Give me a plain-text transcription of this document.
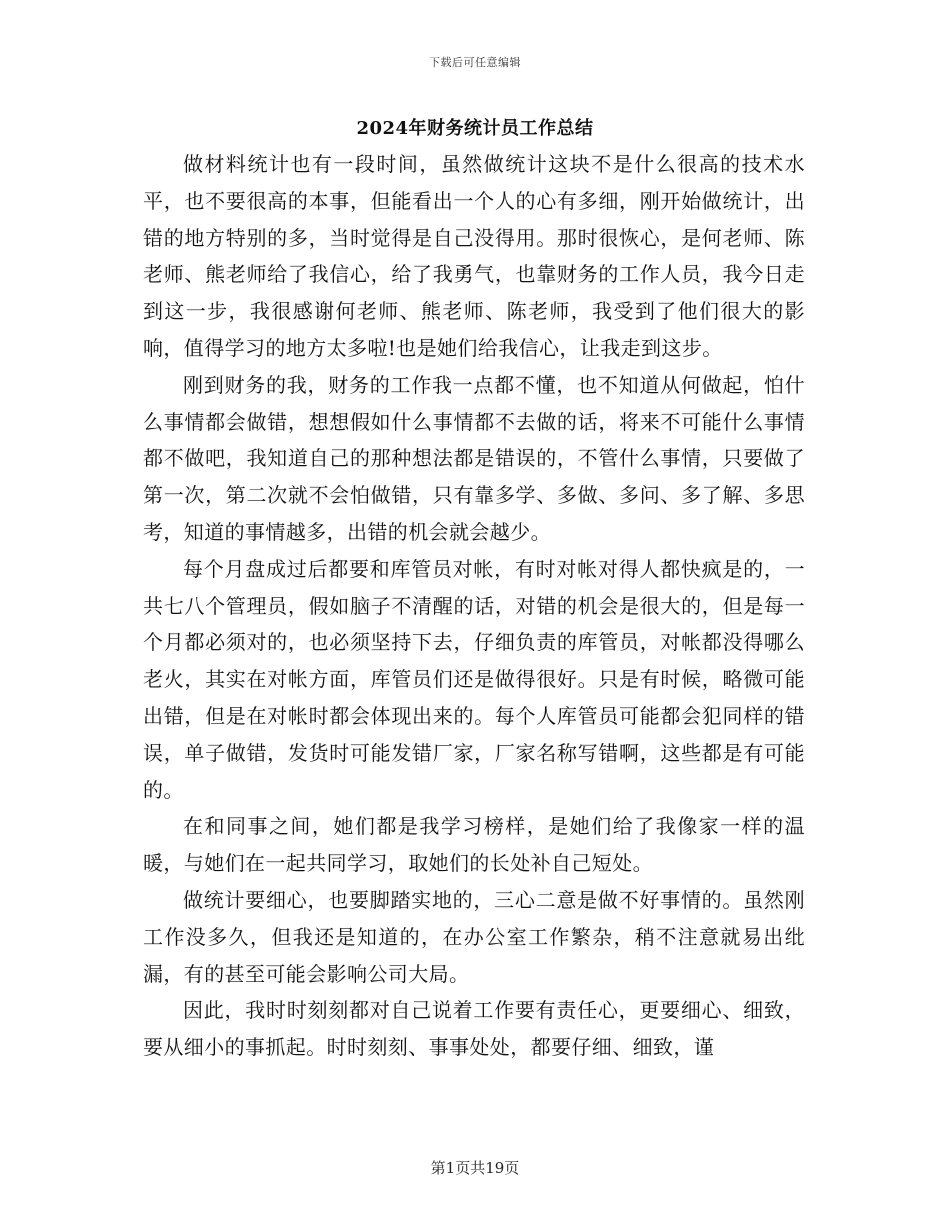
下载后可任意编辑
2024年财务统计员工作总结

做材料统计也有一段时间，虽然做统计这块不是什么很高的技术水平，也不要很高的本事，但能看出一个人的心有多细，刚开始做统计，出错的地方特别的多，当时觉得是自己没得用。那时很恢心，是何老师、陈老师、熊老师给了我信心，给了我勇气，也靠财务的工作人员，我今日走到这一步，我很感谢何老师、熊老师、陈老师，我受到了他们很大的影响，值得学习的地方太多啦!也是她们给我信心，让我走到这步。

刚到财务的我，财务的工作我一点都不懂，也不知道从何做起，怕什么事情都会做错，想想假如什么事情都不去做的话，将来不可能什么事情都不做吧，我知道自己的那种想法都是错误的，不管什么事情，只要做了第一次，第二次就不会怕做错，只有靠多学、多做、多问、多了解、多思考，知道的事情越多，出错的机会就会越少。

每个月盘成过后都要和库管员对帐，有时对帐对得人都快疯是的，一共七八个管理员，假如脑子不清醒的话，对错的机会是很大的，但是每一个月都必须对的，也必须坚持下去，仔细负责的库管员，对帐都没得哪么老火，其实在对帐方面，库管员们还是做得很好。只是有时候，略微可能出错，但是在对帐时都会体现出来的。每个人库管员可能都会犯同样的错误，单子做错，发货时可能发错厂家，厂家名称写错啊，这些都是有可能的。

在和同事之间，她们都是我学习榜样，是她们给了我像家一样的温暖，与她们在一起共同学习，取她们的长处补自己短处。

做统计要细心，也要脚踏实地的，三心二意是做不好事情的。虽然刚工作没多久，但我还是知道的，在办公室工作繁杂，稍不注意就易出纰漏，有的甚至可能会影响公司大局。

因此，我时时刻刻都对自己说着工作要有责任心，更要细心、细致，要从细小的事抓起。时时刻刻、事事处处，都要仔细、细致，谨

第1页共19页
